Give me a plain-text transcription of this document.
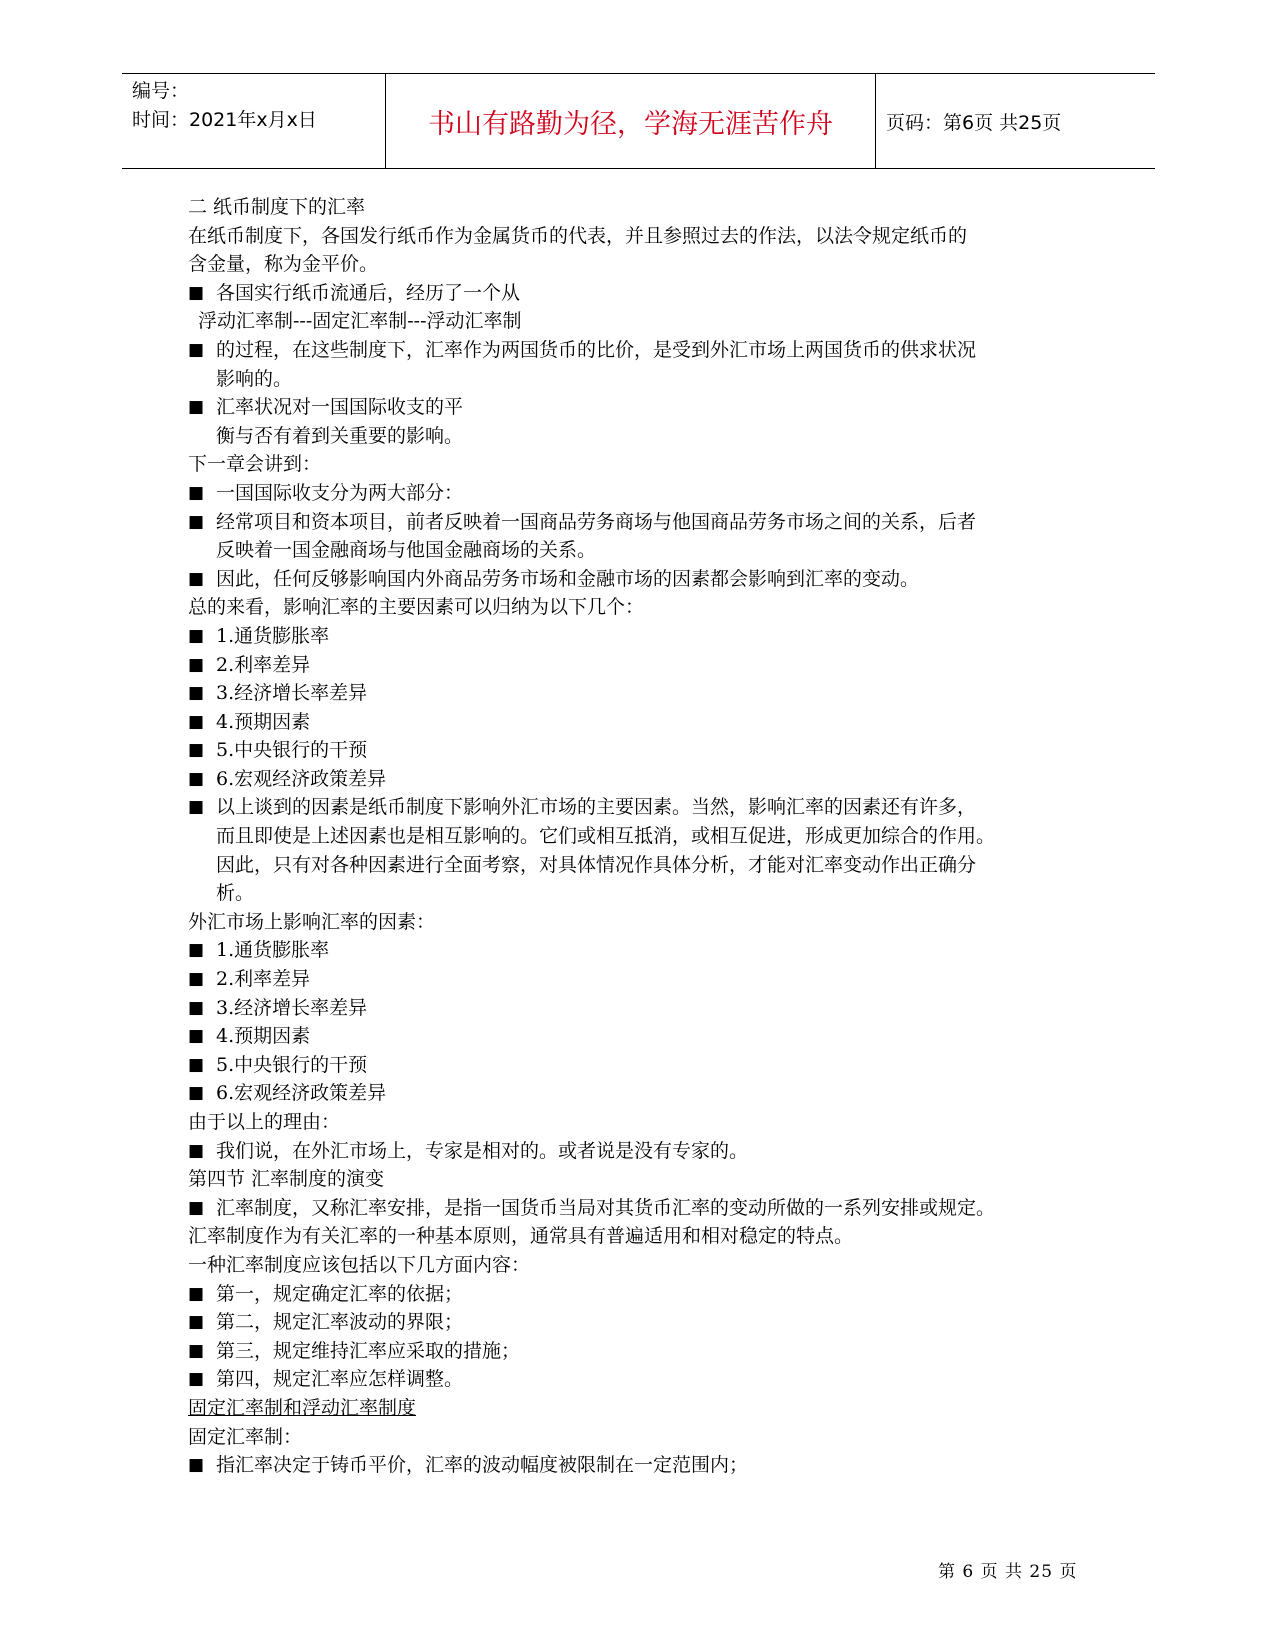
编号：
时间：2021年x月x日	书山有路勤为径，学海无涯苦作舟	页码：第6页 共25页
二 纸币制度下的汇率
在纸币制度下，各国发行纸币作为金属货币的代表，并且参照过去的作法，以法令规定纸币的
含金量，称为金平价。
■ 各国实行纸币流通后，经历了一个从
浮动汇率制---固定汇率制---浮动汇率制
■ 的过程，在这些制度下，汇率作为两国货币的比价，是受到外汇市场上两国货币的供求状况
影响的。
■ 汇率状况对一国国际收支的平
衡与否有着到关重要的影响。
下一章会讲到：
■ 一国国际收支分为两大部分：
■ 经常项目和资本项目，前者反映着一国商品劳务商场与他国商品劳务市场之间的关系，后者
反映着一国金融商场与他国金融商场的关系。
■ 因此，任何反够影响国内外商品劳务市场和金融市场的因素都会影响到汇率的变动。
总的来看，影响汇率的主要因素可以归纳为以下几个：
■ 1.通货膨胀率
■ 2.利率差异
■ 3.经济增长率差异
■ 4.预期因素
■ 5.中央银行的干预
■ 6.宏观经济政策差异
■ 以上谈到的因素是纸币制度下影响外汇市场的主要因素。当然，影响汇率的因素还有许多，
而且即使是上述因素也是相互影响的。它们或相互抵消，或相互促进，形成更加综合的作用。
因此，只有对各种因素进行全面考察，对具体情况作具体分析，才能对汇率变动作出正确分
析。
外汇市场上影响汇率的因素：
■ 1.通货膨胀率
■ 2.利率差异
■ 3.经济增长率差异
■ 4.预期因素
■ 5.中央银行的干预
■ 6.宏观经济政策差异
由于以上的理由：
■ 我们说，在外汇市场上，专家是相对的。或者说是没有专家的。
第四节 汇率制度的演变
■ 汇率制度，又称汇率安排，是指一国货币当局对其货币汇率的变动所做的一系列安排或规定。
汇率制度作为有关汇率的一种基本原则，通常具有普遍适用和相对稳定的特点。
一种汇率制度应该包括以下几方面内容：
■ 第一，规定确定汇率的依据；
■ 第二，规定汇率波动的界限；
■ 第三，规定维持汇率应采取的措施；
■ 第四，规定汇率应怎样调整。
固定汇率制和浮动汇率制度
固定汇率制：
■ 指汇率决定于铸币平价，汇率的波动幅度被限制在一定范围内；
第 6 页 共 25 页
